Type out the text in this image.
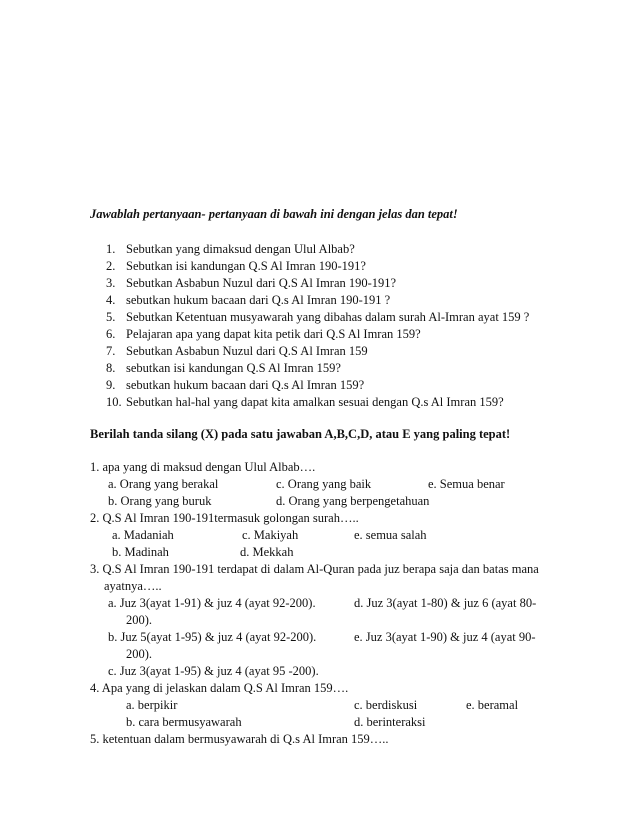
Jawablah pertanyaan- pertanyaan di bawah ini dengan jelas dan tepat!
1. Sebutkan yang dimaksud dengan Ulul Albab?
2. Sebutkan isi kandungan Q.S Al Imran 190-191?
3. Sebutkan Asbabun Nuzul dari Q.S Al Imran 190-191?
4. sebutkan hukum bacaan dari Q.s Al Imran 190-191 ?
5. Sebutkan Ketentuan musyawarah yang dibahas dalam surah Al-Imran ayat 159 ?
6. Pelajaran apa yang dapat kita petik dari Q.S Al Imran 159?
7. Sebutkan Asbabun Nuzul dari Q.S Al Imran 159
8. sebutkan isi kandungan Q.S Al Imran 159?
9. sebutkan hukum bacaan dari Q.s Al Imran 159?
10. Sebutkan hal-hal yang dapat kita amalkan sesuai dengan Q.s Al Imran 159?
Berilah tanda silang (X) pada satu jawaban A,B,C,D, atau E yang paling tepat!
1. apa yang di maksud dengan Ulul Albab….
a. Orang yang berakal	c. Orang yang baik	e. Semua benar
b. Orang yang buruk	d. Orang yang berpengetahuan
2. Q.S Al Imran 190-191termasuk golongan surah…..
a. Madaniah	c. Makiyah	e. semua salah
b. Madinah	d. Mekkah
3. Q.S Al Imran 190-191 terdapat di dalam Al-Quran pada juz berapa saja dan batas mana
ayatnya…..
a. Juz 3(ayat 1-91) & juz 4 (ayat 92-200).	d. Juz 3(ayat 1-80) & juz 6 (ayat 80-
200).
b. Juz 5(ayat 1-95) & juz 4 (ayat 92-200).	e. Juz 3(ayat 1-90) & juz 4 (ayat 90-
200).
c. Juz 3(ayat 1-95) & juz 4 (ayat 95 -200).
4. Apa yang di jelaskan dalam Q.S Al Imran 159….
a. berpikir	c. berdiskusi	e. beramal
b. cara bermusyawarah	d. berinteraksi
5. ketentuan dalam bermusyawarah di Q.s Al Imran 159…..
